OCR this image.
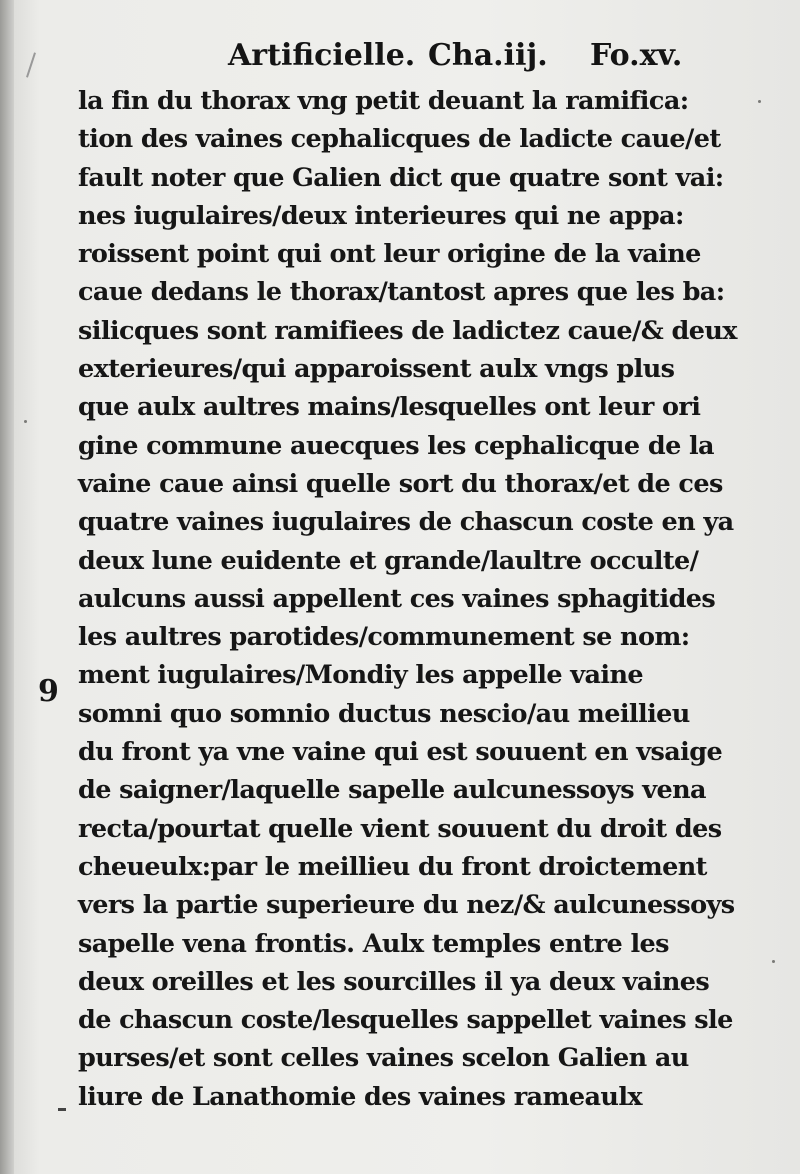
Artificielle. Cha.iij. Fo.xv.
9
la fin du thorax vng petit deuant la ramifica:
tion des vaines cephalicques de ladicte caue/et
fault noter que Galien dict que quatre sont vai:
nes iugulaires/deux interieures qui ne appa:
roissent point qui ont leur origine de la vaine
caue dedans le thorax/tantost apres que les ba:
silicques sont ramifiees de ladictez caue/& deux
exterieures/qui apparoissent aulx vngs plus
que aulx aultres mains/lesquelles ont leur ori
gine commune auecques les cephalicque de la
vaine caue ainsi quelle sort du thorax/et de ces
quatre vaines iugulaires de chascun coste en ya
deux lune euidente et grande/laultre occulte/
aulcuns aussi appellent ces vaines sphagitides
les aultres parotides/communement se nom:
ment iugulaires/Mondiy les appelle vaine
somni quo somnio ductus nescio/au meillieu
du front ya vne vaine qui est souuent en vsaige
de saigner/laquelle sapelle aulcunessoys vena
recta/pourtat quelle vient souuent du droit des
cheueulx:par le meillieu du front droictement
vers la partie superieure du nez/& aulcunessoys
sapelle vena frontis. Aulx temples entre les
deux oreilles et les sourcilles il ya deux vaines
de chascun coste/lesquelles sappellet vaines sle
purses/et sont celles vaines scelon Galien au
liure de Lanathomie des vaines rameaulx
